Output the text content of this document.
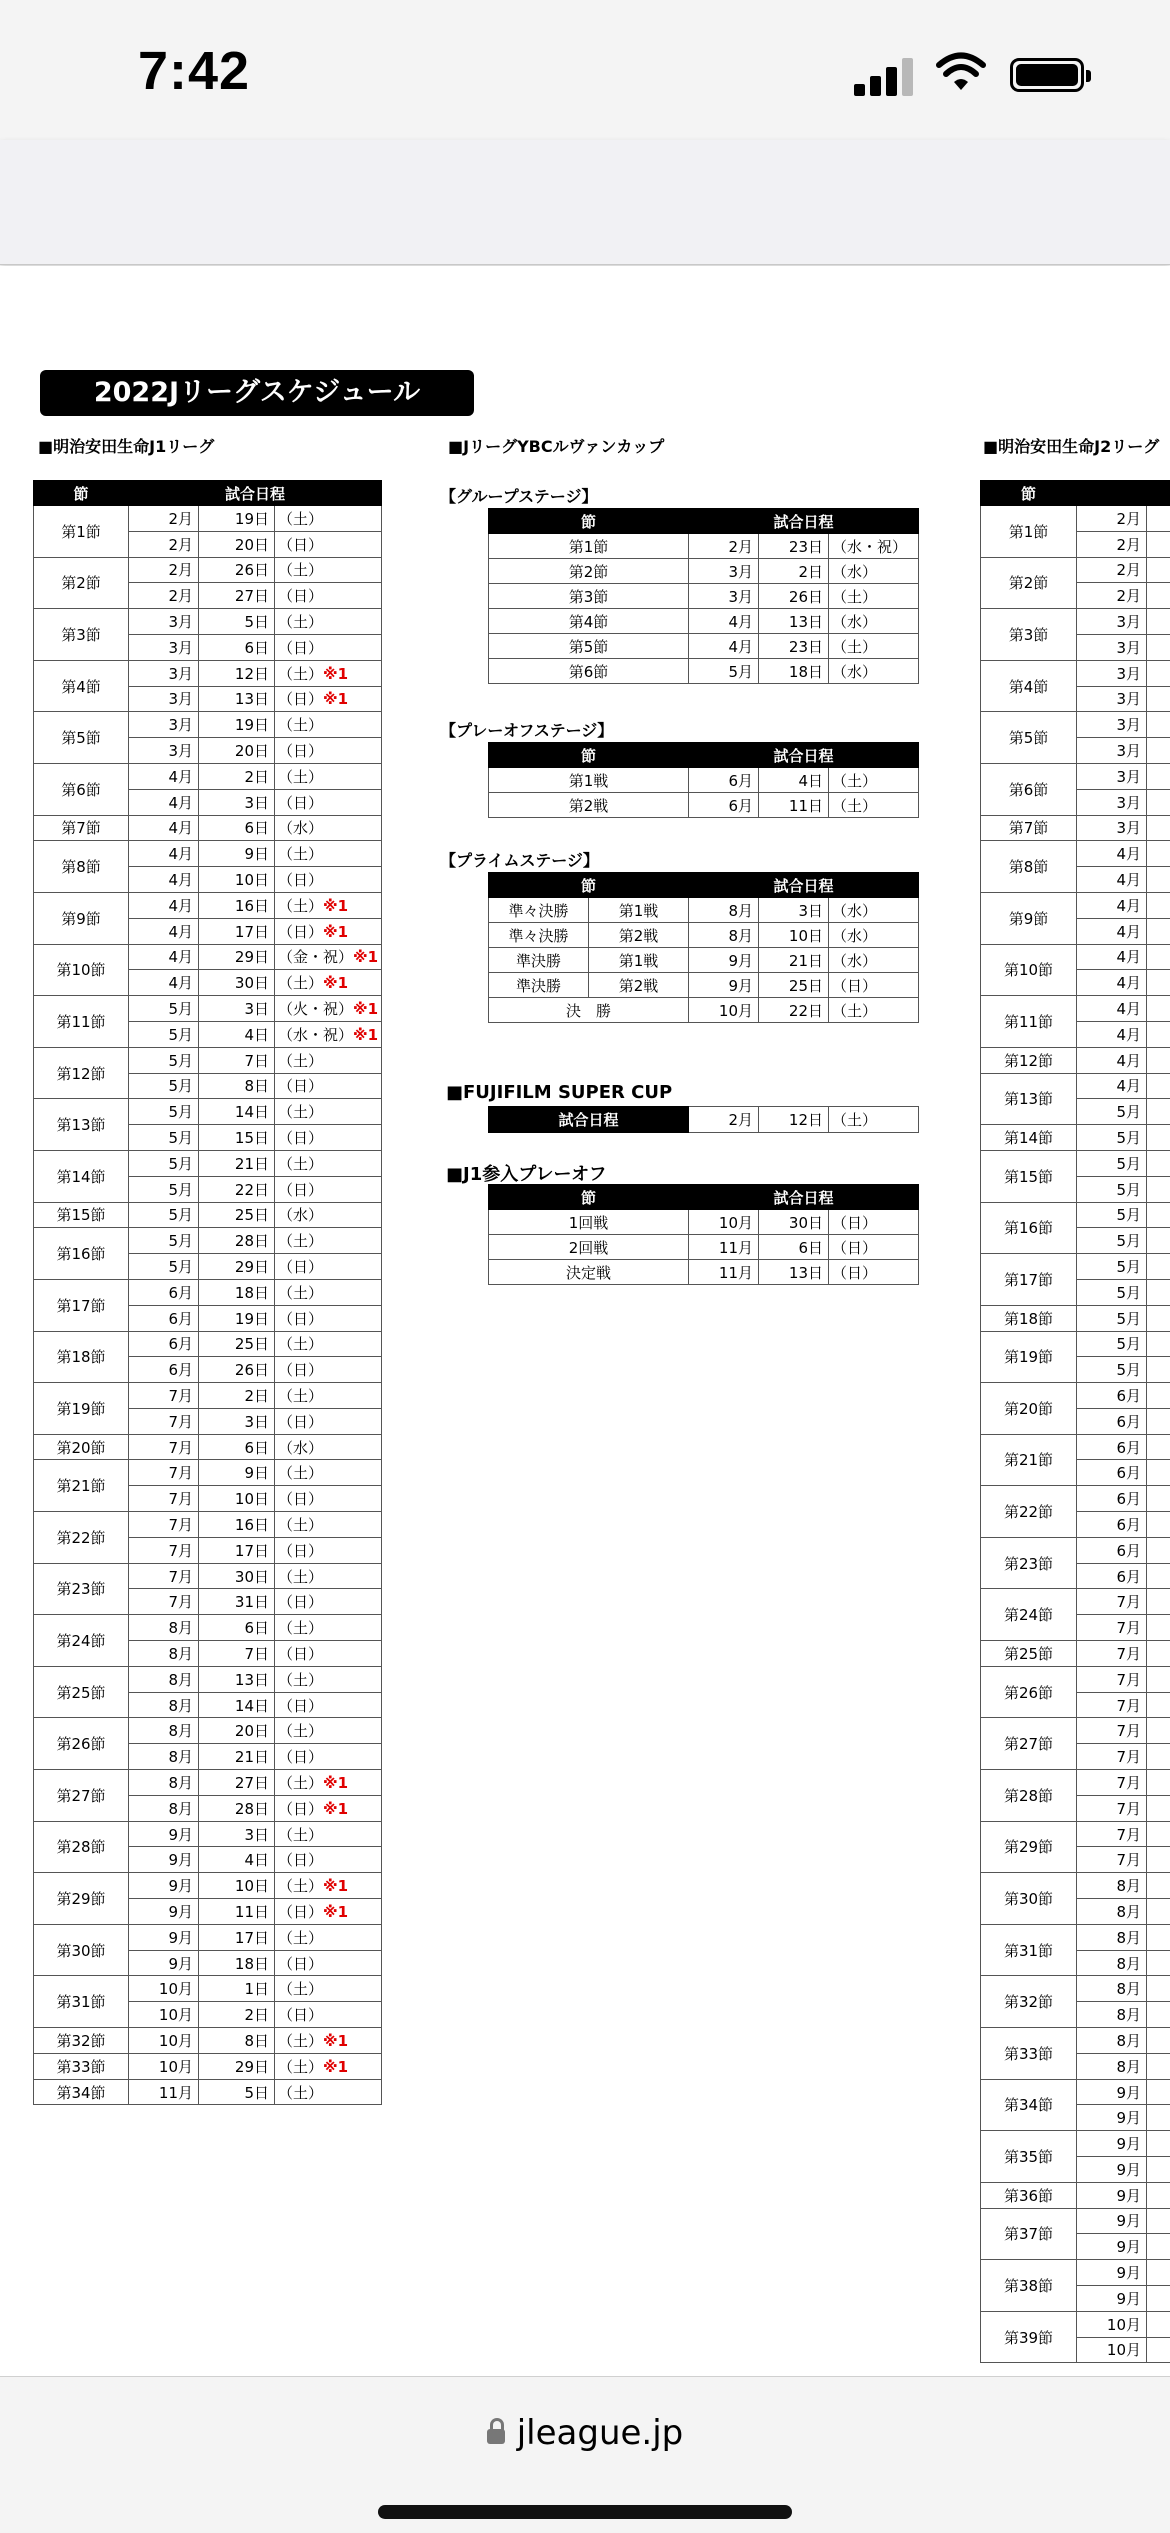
7:42
2022Jリーグスケジュール
■明治安田生命J1リーグ
節	試合日程		
第1節	2月	19日	（土）
	2月	20日	（日）
第2節	2月	26日	（土）
	2月	27日	（日）
第3節	3月	5日	（土）
	3月	6日	（日）
第4節	3月	12日	（土）※1
	3月	13日	（日）※1
第5節	3月	19日	（土）
	3月	20日	（日）
第6節	4月	2日	（土）
	4月	3日	（日）
第7節	4月	6日	（水）
第8節	4月	9日	（土）
	4月	10日	（日）
第9節	4月	16日	（土）※1
	4月	17日	（日）※1
第10節	4月	29日	（金・祝）※1
	4月	30日	（土）※1
第11節	5月	3日	（火・祝）※1
	5月	4日	（水・祝）※1
第12節	5月	7日	（土）
	5月	8日	（日）
第13節	5月	14日	（土）
	5月	15日	（日）
第14節	5月	21日	（土）
	5月	22日	（日）
第15節	5月	25日	（水）
第16節	5月	28日	（土）
	5月	29日	（日）
第17節	6月	18日	（土）
	6月	19日	（日）
第18節	6月	25日	（土）
	6月	26日	（日）
第19節	7月	2日	（土）
	7月	3日	（日）
第20節	7月	6日	（水）
第21節	7月	9日	（土）
	7月	10日	（日）
第22節	7月	16日	（土）
	7月	17日	（日）
第23節	7月	30日	（土）
	7月	31日	（日）
第24節	8月	6日	（土）
	8月	7日	（日）
第25節	8月	13日	（土）
	8月	14日	（日）
第26節	8月	20日	（土）
	8月	21日	（日）
第27節	8月	27日	（土）※1
	8月	28日	（日）※1
第28節	9月	3日	（土）
	9月	4日	（日）
第29節	9月	10日	（土）※1
	9月	11日	（日）※1
第30節	9月	17日	（土）
	9月	18日	（日）
第31節	10月	1日	（土）
	10月	2日	（日）
第32節	10月	8日	（土）※1
第33節	10月	29日	（土）※1
第34節	11月	5日	（土）
■JリーグYBCルヴァンカップ
【グループステージ】
節	試合日程		
第1節	2月	23日	（水・祝）
第2節	3月	2日	（水）
第3節	3月	26日	（土）
第4節	4月	13日	（水）
第5節	4月	23日	（土）
第6節	5月	18日	（水）
【プレーオフステージ】
節	試合日程		
第1戦	6月	4日	（土）
第2戦	6月	11日	（土）
【プライムステージ】
節		試合日程		
準々決勝	第1戦	8月	3日	（水）
準々決勝	第2戦	8月	10日	（水）
準決勝	第1戦	9月	21日	（水）
準決勝	第2戦	9月	25日	（日）
決　勝		10月	22日	（土）
■FUJIFILM SUPER CUP
試合日程	2月	12日	（土）
■J1参入プレーオフ
節	試合日程		
1回戦	10月	30日	（日）
2回戦	11月	6日	（日）
決定戦	11月	13日	（日）
■明治安田生命J2リーグ
節		
第1節	2月	
	2月	
第2節	2月	
	2月	
第3節	3月	
	3月	
第4節	3月	
	3月	
第5節	3月	
	3月	
第6節	3月	
	3月	
第7節	3月	
第8節	4月	
	4月	
第9節	4月	
	4月	
第10節	4月	
	4月	
第11節	4月	
	4月	
第12節	4月	
第13節	4月	
	5月	
第14節	5月	
第15節	5月	
	5月	
第16節	5月	
	5月	
第17節	5月	
	5月	
第18節	5月	
第19節	5月	
	5月	
第20節	6月	
	6月	
第21節	6月	
	6月	
第22節	6月	
	6月	
第23節	6月	
	6月	
第24節	7月	
	7月	
第25節	7月	
第26節	7月	
	7月	
第27節	7月	
	7月	
第28節	7月	
	7月	
第29節	7月	
	7月	
第30節	8月	
	8月	
第31節	8月	
	8月	
第32節	8月	
	8月	
第33節	8月	
	8月	
第34節	9月	
	9月	
第35節	9月	
	9月	
第36節	9月	
第37節	9月	
	9月	
第38節	9月	
	9月	
第39節	10月	
	10月	
jleague.jp
